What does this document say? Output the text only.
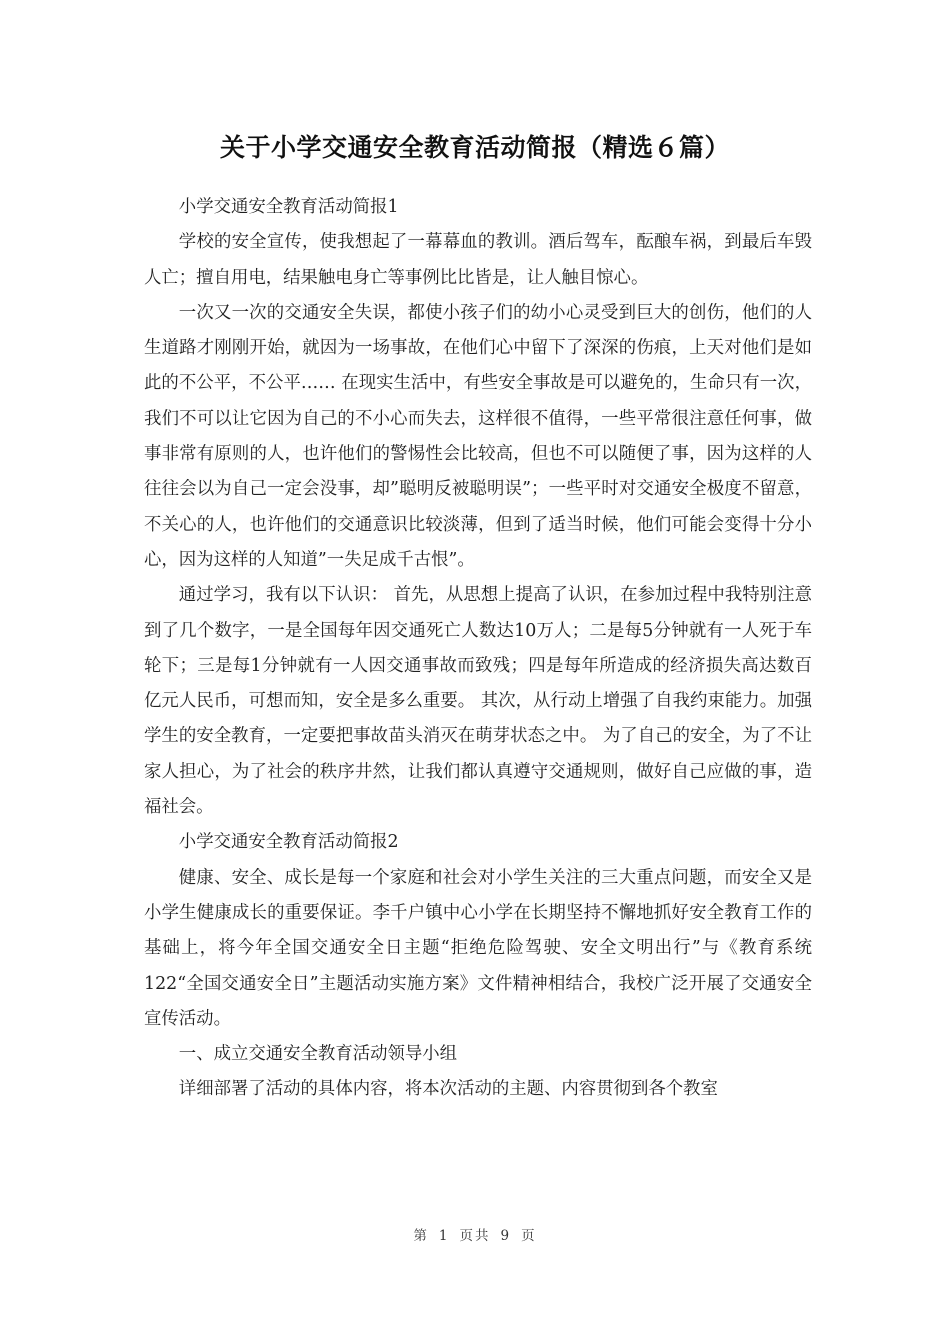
关于小学交通安全教育活动简报（精选６篇）

小学交通安全教育活动简报1

学校的安全宣传，使我想起了一幕幕血的教训。酒后驾车，酝酿车祸，到最后车毁人亡；擅自用电，结果触电身亡等事例比比皆是，让人触目惊心。

一次又一次的交通安全失误，都使小孩子们的幼小心灵受到巨大的创伤，他们的人生道路才刚刚开始，就因为一场事故，在他们心中留下了深深的伤痕，上天对他们是如此的不公平，不公平…… 在现实生活中，有些安全事故是可以避免的，生命只有一次，我们不可以让它因为自己的不小心而失去，这样很不值得，一些平常很注意任何事，做事非常有原则的人，也许他们的警惕性会比较高，但也不可以随便了事，因为这样的人往往会以为自己一定会没事，却”聪明反被聪明误”；一些平时对交通安全极度不留意，不关心的人，也许他们的交通意识比较淡薄，但到了适当时候，他们可能会变得十分小心，因为这样的人知道”一失足成千古恨”。

通过学习，我有以下认识： 首先，从思想上提高了认识，在参加过程中我特别注意到了几个数字，一是全国每年因交通死亡人数达10万人；二是每5分钟就有一人死于车轮下；三是每1分钟就有一人因交通事故而致残；四是每年所造成的经济损失高达数百亿元人民币，可想而知，安全是多么重要。 其次，从行动上增强了自我约束能力。加强学生的安全教育，一定要把事故苗头消灭在萌芽状态之中。 为了自己的安全，为了不让家人担心，为了社会的秩序井然，让我们都认真遵守交通规则，做好自己应做的事，造福社会。

小学交通安全教育活动简报2

健康、安全、成长是每一个家庭和社会对小学生关注的三大重点问题，而安全又是小学生健康成长的重要保证。李千户镇中心小学在长期坚持不懈地抓好安全教育工作的基础上，将今年全国交通安全日主题“拒绝危险驾驶、安全文明出行”与《教育系统122“全国交通安全日”主题活动实施方案》文件精神相结合，我校广泛开展了交通安全宣传活动。

一、成立交通安全教育活动领导小组

详细部署了活动的具体内容，将本次活动的主题、内容贯彻到各个教室

第 1 页共 9 页
